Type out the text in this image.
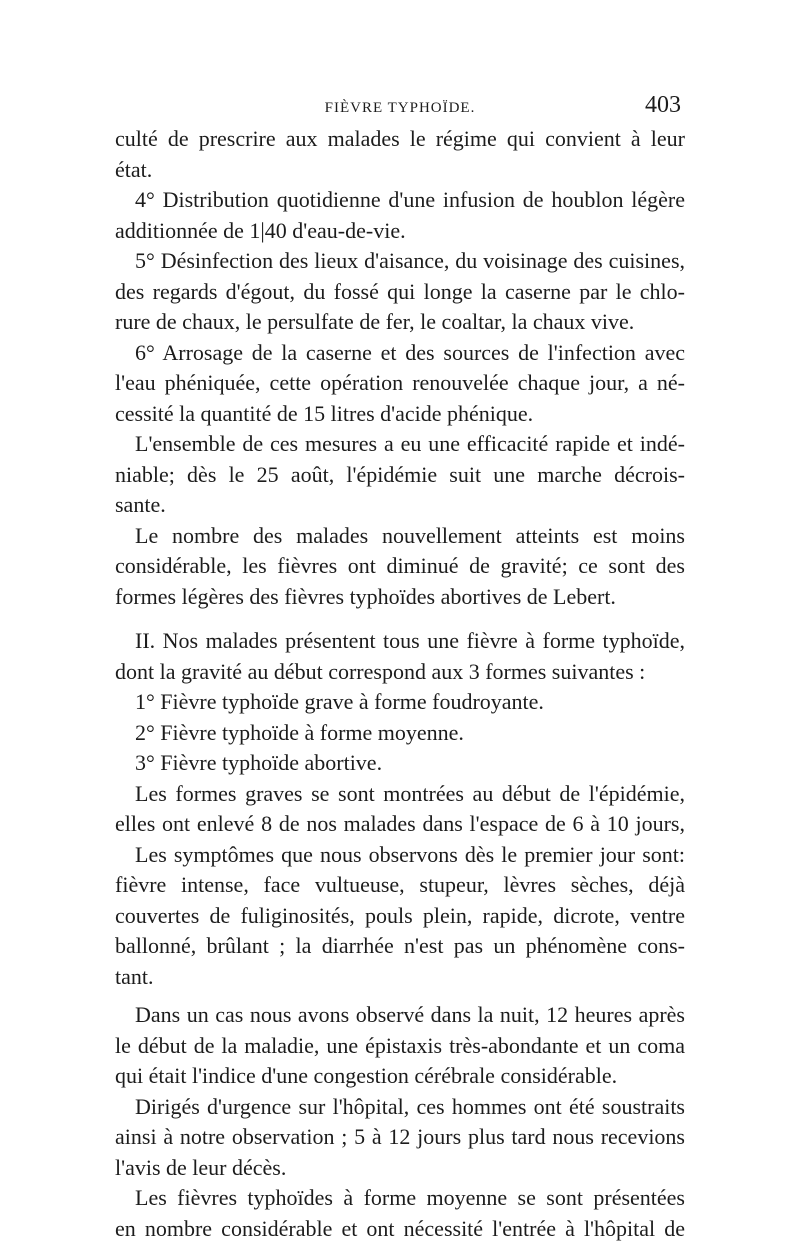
FIÈVRE TYPHOÏDE.	403
culté de prescrire aux malades le régime qui convient à leur
état.
4° Distribution quotidienne d'une infusion de houblon légère
additionnée de 1|40 d'eau-de-vie.
5° Désinfection des lieux d'aisance, du voisinage des cuisines,
des regards d'égout, du fossé qui longe la caserne par le chlo-
rure de chaux, le persulfate de fer, le coaltar, la chaux vive.
6° Arrosage de la caserne et des sources de l'infection avec
l'eau phéniquée, cette opération renouvelée chaque jour, a né-
cessité la quantité de 15 litres d'acide phénique.
L'ensemble de ces mesures a eu une efficacité rapide et indé-
niable; dès le 25 août, l'épidémie suit une marche décrois-
sante.
Le nombre des malades nouvellement atteints est moins
considérable, les fièvres ont diminué de gravité; ce sont des
formes légères des fièvres typhoïdes abortives de Lebert.
II. Nos malades présentent tous une fièvre à forme typhoïde,
dont la gravité au début correspond aux 3 formes suivantes :
1° Fièvre typhoïde grave à forme foudroyante.
2° Fièvre typhoïde à forme moyenne.
3° Fièvre typhoïde abortive.
Les formes graves se sont montrées au début de l'épidémie,
elles ont enlevé 8 de nos malades dans l'espace de 6 à 10 jours,
Les symptômes que nous observons dès le premier jour sont:
fièvre intense, face vultueuse, stupeur, lèvres sèches, déjà
couvertes de fuliginosités, pouls plein, rapide, dicrote, ventre
ballonné, brûlant ; la diarrhée n'est pas un phénomène cons-
tant.
Dans un cas nous avons observé dans la nuit, 12 heures après
le début de la maladie, une épistaxis très-abondante et un coma
qui était l'indice d'une congestion cérébrale considérable.
Dirigés d'urgence sur l'hôpital, ces hommes ont été soustraits
ainsi à notre observation ; 5 à 12 jours plus tard nous recevions
l'avis de leur décès.
Les fièvres typhoïdes à forme moyenne se sont présentées
en nombre considérable et ont nécessité l'entrée à l'hôpital de
